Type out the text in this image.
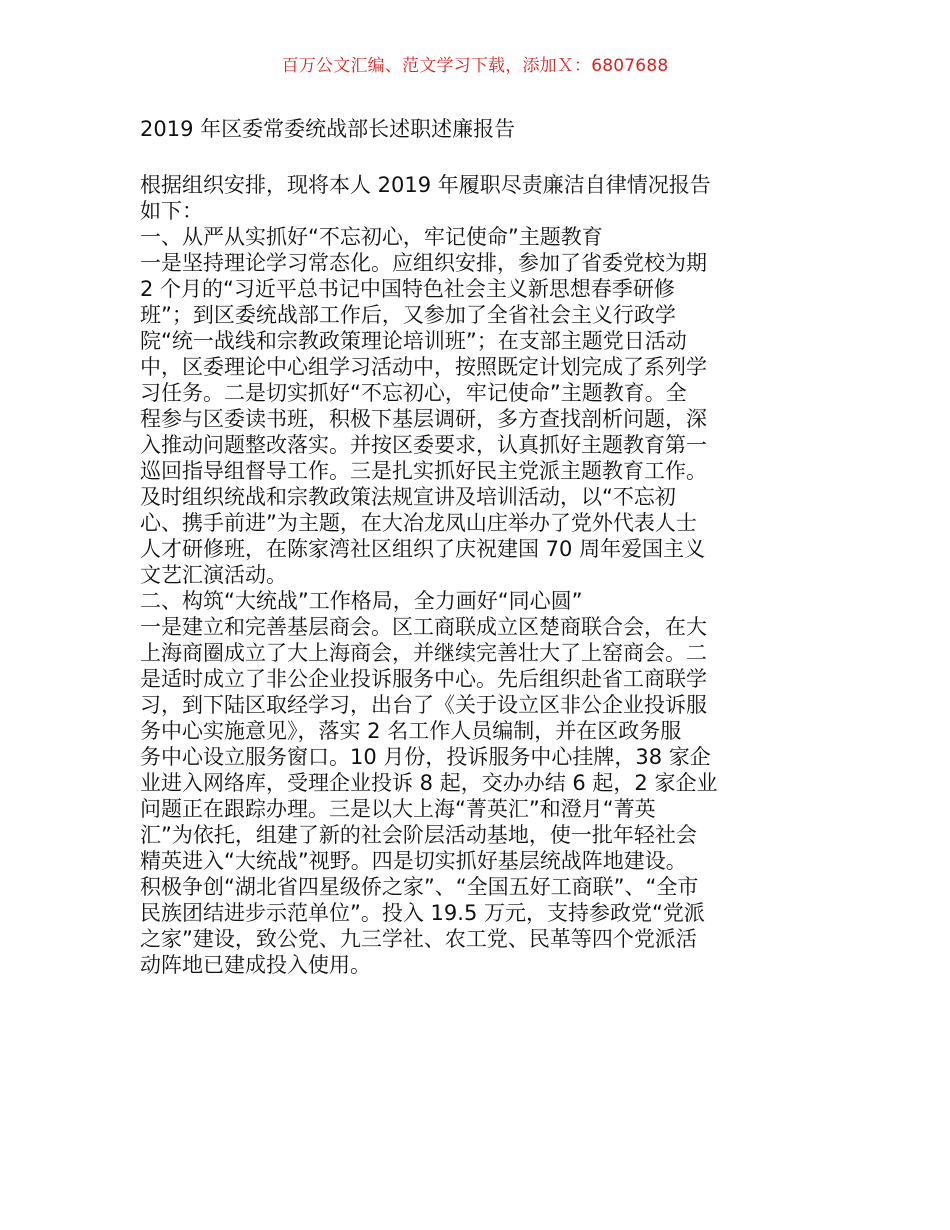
百万公文汇编、范文学习下载，添加Ｘ：6807688
2019 年区委常委统战部长述职述廉报告
根据组织安排，现将本人 2019 年履职尽责廉洁自律情况报告
如下：
一、从严从实抓好“不忘初心，牢记使命”主题教育
一是坚持理论学习常态化。应组织安排，参加了省委党校为期
2 个月的“习近平总书记中国特色社会主义新思想春季研修
班”；到区委统战部工作后，又参加了全省社会主义行政学
院“统一战线和宗教政策理论培训班”；在支部主题党日活动
中，区委理论中心组学习活动中，按照既定计划完成了系列学
习任务。二是切实抓好“不忘初心，牢记使命”主题教育。全
程参与区委读书班，积极下基层调研，多方查找剖析问题，深
入推动问题整改落实。并按区委要求，认真抓好主题教育第一
巡回指导组督导工作。三是扎实抓好民主党派主题教育工作。
及时组织统战和宗教政策法规宣讲及培训活动，以“不忘初
心、携手前进”为主题，在大冶龙凤山庄举办了党外代表人士
人才研修班，在陈家湾社区组织了庆祝建国 70 周年爱国主义
文艺汇演活动。
二、构筑“大统战”工作格局，全力画好“同心圆”
一是建立和完善基层商会。区工商联成立区楚商联合会，在大
上海商圈成立了大上海商会，并继续完善壮大了上窑商会。二
是适时成立了非公企业投诉服务中心。先后组织赴省工商联学
习，到下陆区取经学习，出台了《关于设立区非公企业投诉服
务中心实施意见》，落实 2 名工作人员编制，并在区政务服
务中心设立服务窗口。10 月份，投诉服务中心挂牌，38 家企
业进入网络库，受理企业投诉 8 起，交办办结 6 起，2 家企业
问题正在跟踪办理。三是以大上海“菁英汇”和澄月“菁英
汇”为依托，组建了新的社会阶层活动基地，使一批年轻社会
精英进入“大统战”视野。四是切实抓好基层统战阵地建设。
积极争创“湖北省四星级侨之家”、“全国五好工商联”、“全市
民族团结进步示范单位”。投入 19.5 万元，支持参政党“党派
之家”建设，致公党、九三学社、农工党、民革等四个党派活
动阵地已建成投入使用。
